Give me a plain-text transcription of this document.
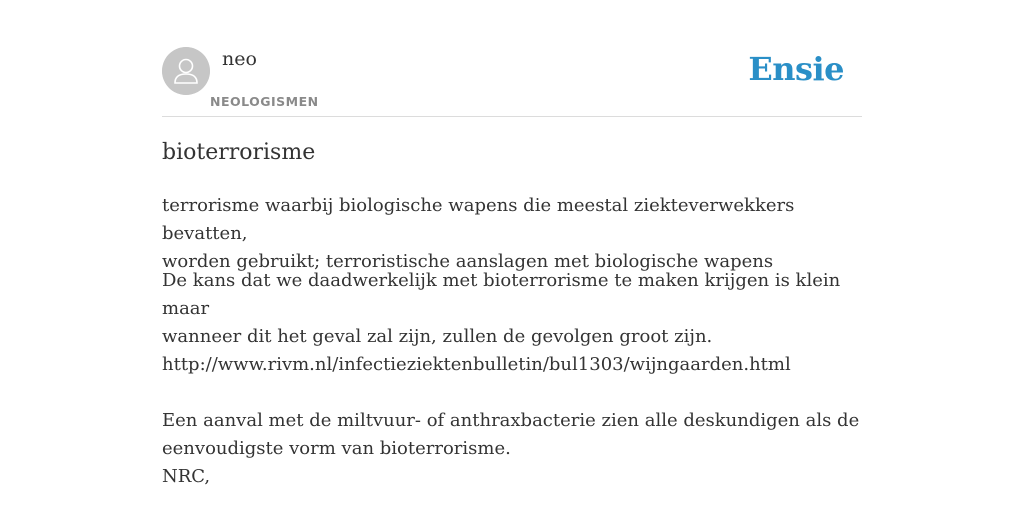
neo
NEOLOGISMEN
Ensie
bioterrorisme

terrorisme waarbij biologische wapens die meestal ziekteverwekkers bevatten,
worden gebruikt; terroristische aanslagen met biologische wapens

De kans dat we daadwerkelijk met bioterrorisme te maken krijgen is klein maar
wanneer dit het geval zal zijn, zullen de gevolgen groot zijn.
http://www.rivm.nl/infectieziektenbulletin/bul1303/wijngaarden.html
Een aanval met de miltvuur- of anthraxbacterie zien alle deskundigen als de
eenvoudigste vorm van bioterrorisme.
NRC,
